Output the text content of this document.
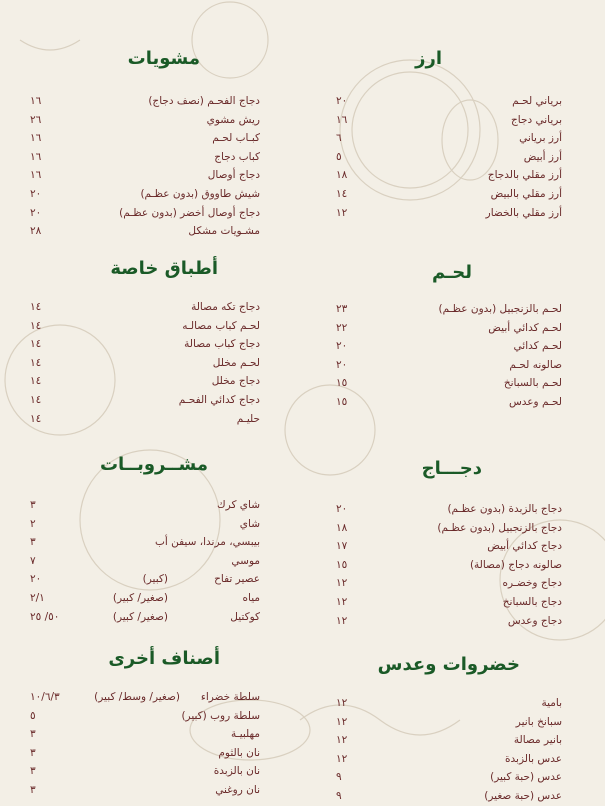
ارز
برياني لحـم
٢٠
برياني دجاج
١٦
أرز برياني
٦
أرز أبيض
٥
أرز مقلي بالدجاج
١٨
أرز مقلي بالبيض
١٤
أرز مقلي بالخضار
١٢
لحـم
لحـم بالزنجبيل (بدون عظـم)
٢٣
لحـم كدائي أبيض
٢٢
لحـم كدائي
٢٠
صالونه لحـم
٢٠
لحـم بالسبانخ
١٥
لحـم وعدس
١٥
دجـــاج
دجاج بالزبدة (بدون عظـم)
٢٠
دجاج بالزنجبيل (بدون عظـم)
١٨
دجاج كدائي أبيض
١٧
صالونه دجاج (مصالة)
١٥
دجاج وخضـره
١٢
دجاج بالسبانخ
١٢
دجاج وعدس
١٢
خضروات وعدس
بامية
١٢
سبانخ بانير
١٢
بانير مصالة
١٢
عدس بالزبدة
١٢
عدس (حبة كبير)
٩
عدس (حبة صغير)
٩
مشويات
دجاج الفحـم (نصف دجاج)
١٦
ريش مشوي
٢٦
كبـاب لحـم
١٦
كباب دجاج
١٦
دجاج أوصال
١٦
شيش طاووق (بدون عظـم)
٢٠
دجاج أوصال أخضر (بدون عظـم)
٢٠
مشـويات مشكل
٢٨
أطباق خاصة
دجاج تكه مصالة
١٤
لحـم كباب مصالـه
١٤
دجاج كباب مصالة
١٤
لحـم مخلل
١٤
دجاج مخلل
١٤
دجاج كدائي الفحـم
١٤
حليـم
١٤
مشــروبــات
شاي كرك
٣
شاي
٢
بيبسي، مرندا، سيفن أب
٣
موسي
٧
عصير تفاح

(كبير)
٢٠
مياه
(صغير/ كبير)
٢/١
كوكتيل
(صغير/ كبير)
٥٠/ ٢٥
أصناف أخرى
سلطة خضراء
(صغير/ وسط/ كبير)
١٠/٦/٣
سلطة روب (كبير)
٥
مهلبيـة
٣
نان بالثوم
٣
نان بالزبدة
٣
نان روغني
٣
